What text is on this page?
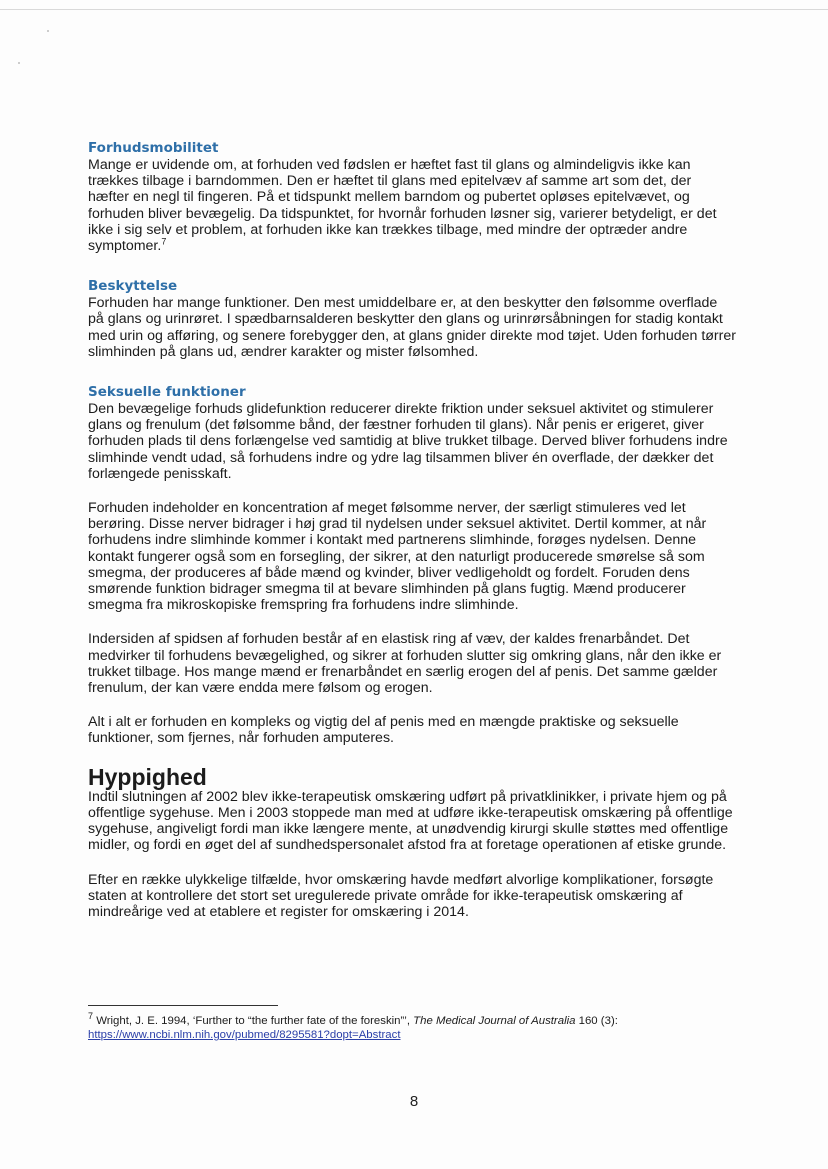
Forhudsmobilitet

Mange er uvidende om, at forhuden ved fødslen er hæftet fast til glans og almindeligvis ikke kan trækkes tilbage i barndommen. Den er hæftet til glans med epitelvæv af samme art som det, der hæfter en negl til fingeren. På et tidspunkt mellem barndom og pubertet opløses epitelvævet, og forhuden bliver bevægelig. Da tidspunktet, for hvornår forhuden løsner sig, varierer betydeligt, er det ikke i sig selv et problem, at forhuden ikke kan trækkes tilbage, med mindre der optræder andre symptomer.$^7$

Beskyttelse

Forhuden har mange funktioner. Den mest umiddelbare er, at den beskytter den følsomme overflade på glans og urinrøret. I spædbarnsalderen beskytter den glans og urinrørsåbningen for stadig kontakt med urin og afføring, og senere forebygger den, at glans gnider direkte mod tøjet. Uden forhuden tørrer slimhinden på glans ud, ændrer karakter og mister følsomhed.

Seksuelle funktioner

Den bevægelige forhuds glidefunktion reducerer direkte friktion under seksuel aktivitet og stimulerer glans og frenulum (det følsomme bånd, der fæstner forhuden til glans). Når penis er erigeret, giver forhuden plads til dens forlængelse ved samtidig at blive trukket tilbage. Derved bliver forhudens indre slimhinde vendt udad, så forhudens indre og ydre lag tilsammen bliver én overflade, der dækker det forlængede penisskaft.

Forhuden indeholder en koncentration af meget følsomme nerver, der særligt stimuleres ved let berøring. Disse nerver bidrager i høj grad til nydelsen under seksuel aktivitet. Dertil kommer, at når forhudens indre slimhinde kommer i kontakt med partnerens slimhinde, forøges nydelsen. Denne kontakt fungerer også som en forsegling, der sikrer, at den naturligt producerede smørelse så som smegma, der produceres af både mænd og kvinder, bliver vedligeholdt og fordelt. Foruden dens smørende funktion bidrager smegma til at bevare slimhinden på glans fugtig. Mænd producerer smegma fra mikroskopiske fremspring fra forhudens indre slimhinde.

Indersiden af spidsen af forhuden består af en elastisk ring af væv, der kaldes frenarbåndet. Det medvirker til forhudens bevægelighed, og sikrer at forhuden slutter sig omkring glans, når den ikke er trukket tilbage. Hos mange mænd er frenarbåndet en særlig erogen del af penis. Det samme gælder frenulum, der kan være endda mere følsom og erogen.

Alt i alt er forhuden en kompleks og vigtig del af penis med en mængde praktiske og seksuelle funktioner, som fjernes, når forhuden amputeres.

Hyppighed

Indtil slutningen af 2002 blev ikke-terapeutisk omskæring udført på privatklinikker, i private hjem og på offentlige sygehuse. Men i 2003 stoppede man med at udføre ikke-terapeutisk omskæring på offentlige sygehuse, angiveligt fordi man ikke længere mente, at unødvendig kirurgi skulle støttes med offentlige midler, og fordi en øget del af sundhedspersonalet afstod fra at foretage operationen af etiske grunde.

Efter en række ulykkelige tilfælde, hvor omskæring havde medført alvorlige komplikationer, forsøgte staten at kontrollere det stort set uregulerede private område for ikke-terapeutisk omskæring af mindreårige ved at etablere et register for omskæring i 2014.

$^7$ Wright, J. E. 1994, ‘Further to “the further fate of the foreskin”’, The Medical Journal of Australia 160 (3):
https://www.ncbi.nlm.nih.gov/pubmed/8295581?dopt=Abstract
8
